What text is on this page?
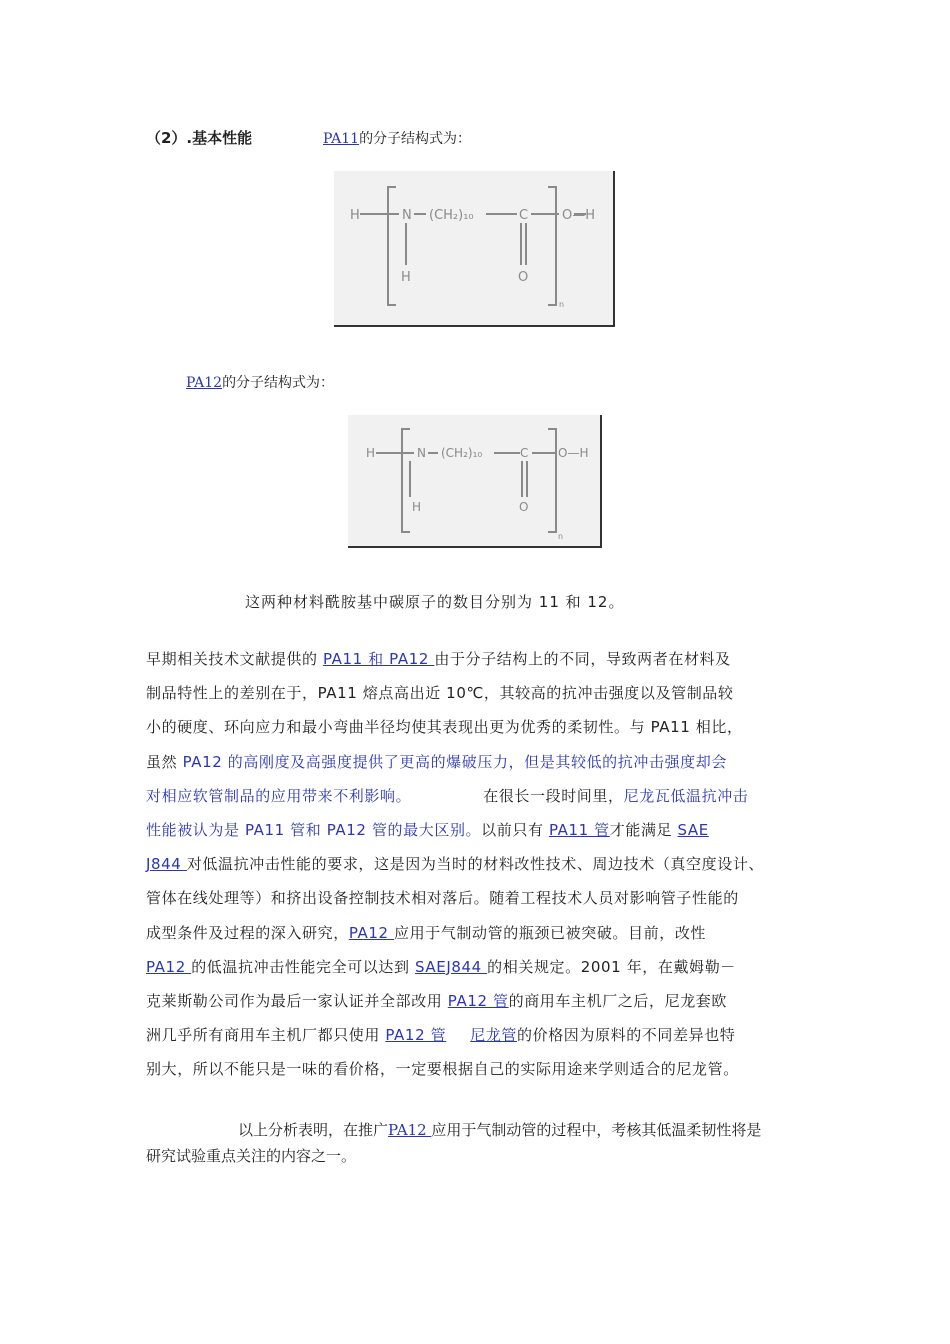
（2）.基本性能	PA11的分子结构式为：
H	N (CH₂)₁₀	C	O—H
H	O
n
PA12的分子结构式为：
H	N (CH₂)₁₀	C O—H
H	O
n
这两种材料酰胺基中碳原子的数目分别为 11 和 12。
早期相关技术文献提供的 PA11 和 PA12 由于分子结构上的不同，导致两者在材料及
制品特性上的差别在于，PA11 熔点高出近 10℃，其较高的抗冲击强度以及管制品较
小的硬度、环向应力和最小弯曲半径均使其表现出更为优秀的柔韧性。与 PA11 相比，
虽然 PA12 的高刚度及高强度提供了更高的爆破压力，但是其较低的抗冲击强度却会
对相应软管制品的应用带来不利影响。	在很长一段时间里，尼龙瓦低温抗冲击
性能被认为是 PA11 管和 PA12 管的最大区别。以前只有 PA11 管才能满足 SAE
J844 对低温抗冲击性能的要求，这是因为当时的材料改性技术、周边技术（真空度设计、
管体在线处理等）和挤出设备控制技术相对落后。随着工程技术人员对影响管子性能的
成型条件及过程的深入研究，PA12 应用于气制动管的瓶颈已被突破。目前，改性
PA12 的低温抗冲击性能完全可以达到 SAEJ844 的相关规定。2001 年，在戴姆勒－
克莱斯勒公司作为最后一家认证并全部改用 PA12 管的商用车主机厂之后，尼龙套欧
洲几乎所有商用车主机厂都只使用 PA12 管 尼龙管的价格因为原料的不同差异也特
别大，所以不能只是一味的看价格，一定要根据自己的实际用途来学则适合的尼龙管。
以上分析表明，在推广PA12 应用于气制动管的过程中，考核其低温柔韧性将是
研究试验重点关注的内容之一。
